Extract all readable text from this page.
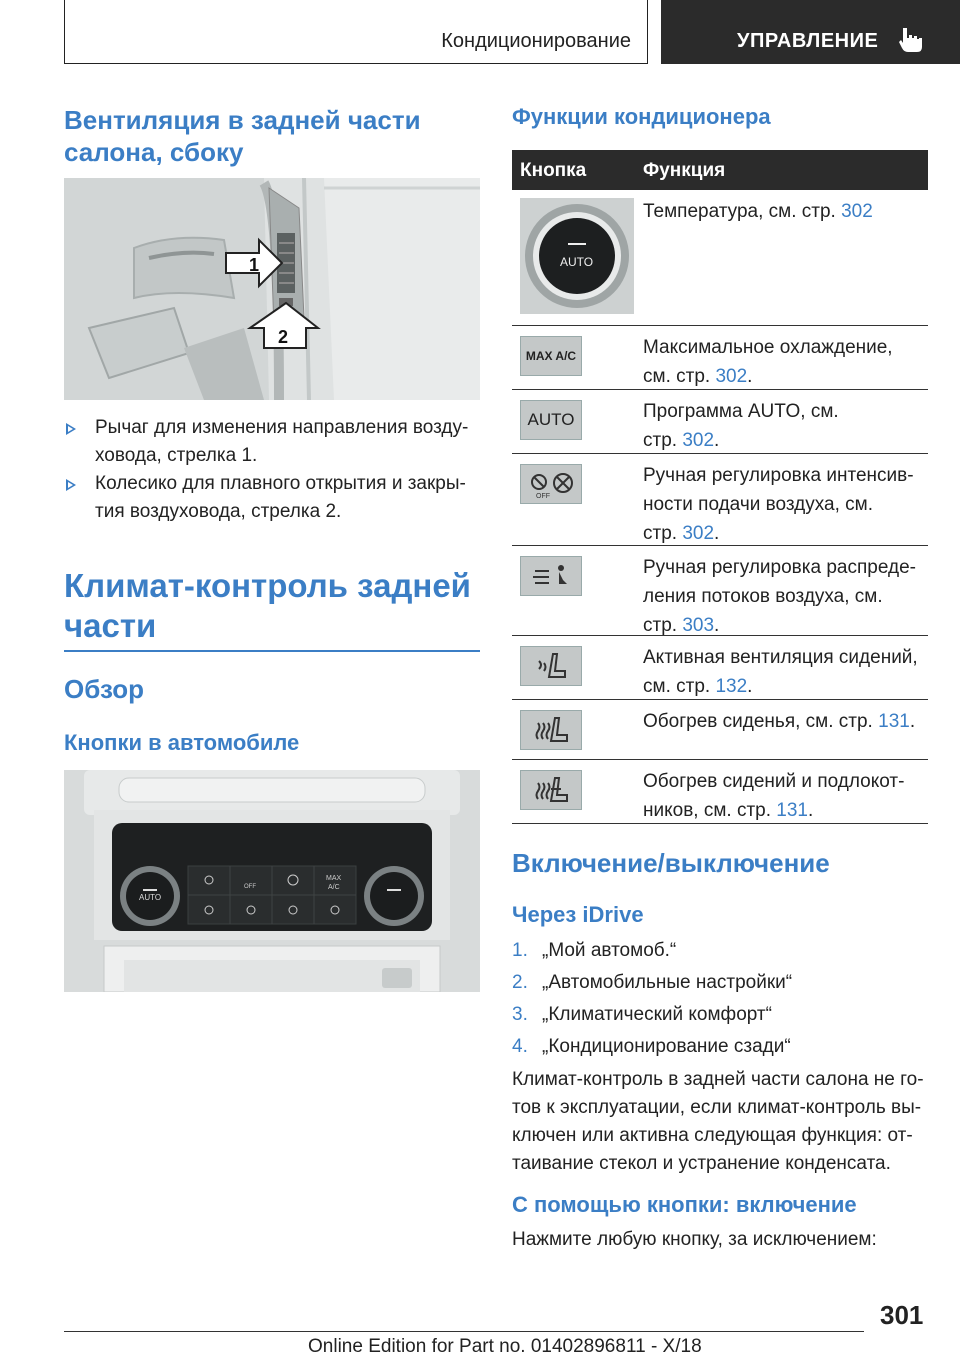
Кондиционирование	УПРАВЛЕНИЕ
Вентиляция в задней части
салона, сбоку
1
2
Рычаг для изменения направления возду‐
ховода, стрелка 1.
Колесико для плавного открытия и закры‐
тия воздуховода, стрелка 2.
Климат-контроль задней
части
Обзор
Кнопки в автомобиле
AUTO
OFF
MAX
A/C
Функции кондиционера
Кнопка	Функция
AUTO
Температура, см. стр. 302
MAX A/C	Максимальное охлаждение,
см. стр. 302.
AUTO	Программа AUTO, см.
стр. 302.
OFF
Ручная регулировка интенсив‐
ности подачи воздуха, см.
стр. 302.
Ручная регулировка распреде‐
ления потоков воздуха, см.
стр. 303.
Активная вентиляция сидений,
см. стр. 132.
Обогрев сиденья, см. стр. 131.
Обогрев сидений и подлокот‐
ников, см. стр. 131.
Включение/выключение
Через iDrive
1. „Мой автомоб.“
2. „Автомобильные настройки“
3. „Климатический комфорт“
4. „Кондиционирование сзади“
Климат-контроль в задней части салона не го‐
тов к эксплуатации, если климат-контроль вы‐
ключен или активна следующая функция: от‐
таивание стекол и устранение конденсата.
С помощью кнопки: включение
Нажмите любую кнопку, за исключением:
301
Online Edition for Part no. 01402896811 - X/18
